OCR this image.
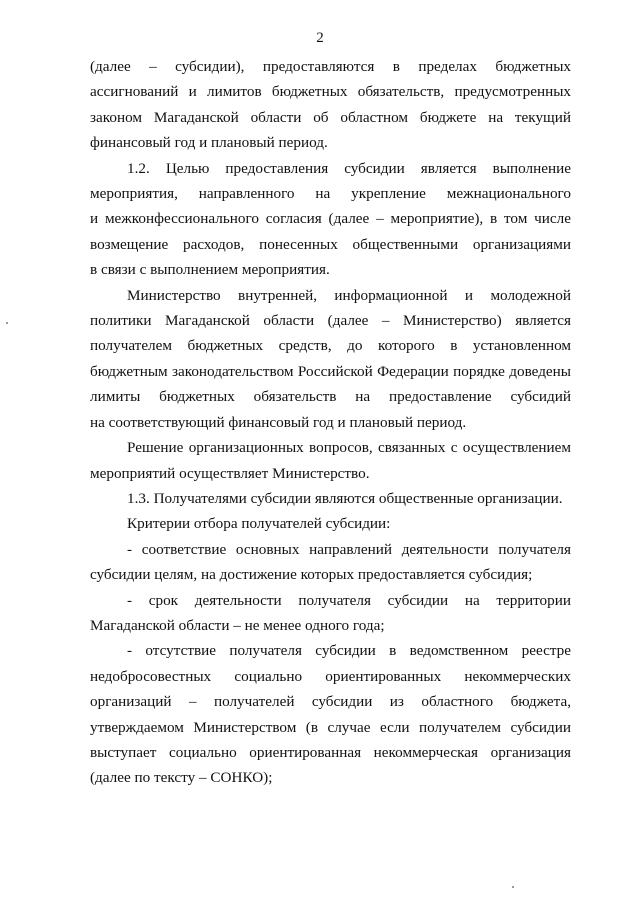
2
(далее – субсидии), предоставляются в пределах бюджетных
ассигнований и лимитов бюджетных обязательств, предусмотренных
законом Магаданской области об областном бюджете на текущий
финансовый год и плановый период.
1.2. Целью предоставления субсидии является выполнение
мероприятия, направленного на укрепление межнационального
и межконфессионального согласия (далее – мероприятие), в том числе
возмещение расходов, понесенных общественными организациями
в связи с выполнением мероприятия.
Министерство внутренней, информационной и молодежной
политики Магаданской области (далее – Министерство) является
получателем бюджетных средств, до которого в установленном
бюджетным законодательством Российской Федерации порядке доведены
лимиты бюджетных обязательств на предоставление субсидий
на соответствующий финансовый год и плановый период.
Решение организационных вопросов, связанных с осуществлением
мероприятий осуществляет Министерство.
1.3. Получателями субсидии являются общественные организации.
Критерии отбора получателей субсидии:
- соответствие основных направлений деятельности получателя
субсидии целям, на достижение которых предоставляется субсидия;
- срок деятельности получателя субсидии на территории
Магаданской области – не менее одного года;
- отсутствие получателя субсидии в ведомственном реестре
недобросовестных социально ориентированных некоммерческих
организаций – получателей субсидии из областного бюджета,
утверждаемом Министерством (в случае если получателем субсидии
выступает социально ориентированная некоммерческая организация
(далее по тексту – СОНКО);
